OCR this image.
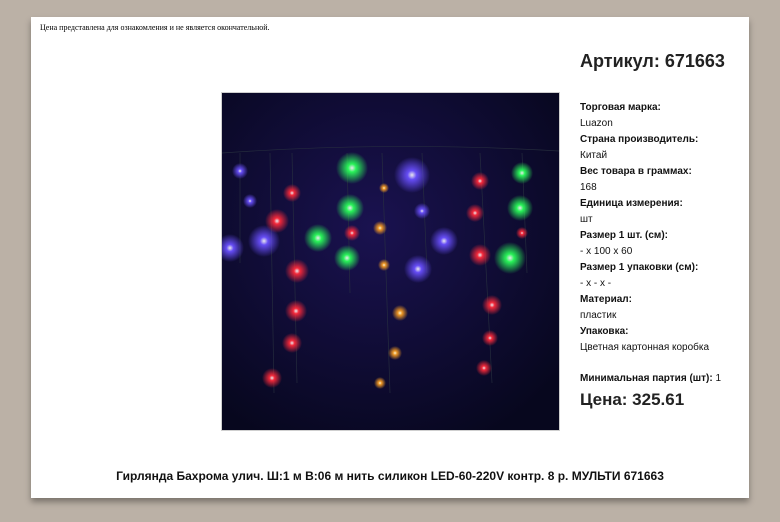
Цена представлена для ознакомления и не является окончательной.
Артикул: 671663
Торговая марка:
Luazon
Страна производитель:
Китай
Вес товара в граммах:
168
Единица измерения:
шт
Размер 1 шт. (см):
- x 100 x 60
Размер 1 упаковки (см):
- x - x -
Материал:
пластик
Упаковка:
Цветная картонная коробка
Минимальная партия (шт): 1
Цена: 325.61
Гирлянда Бахрома улич. Ш:1 м В:06 м нить силикон LED-60-220V контр. 8 р. МУЛЬТИ 671663
